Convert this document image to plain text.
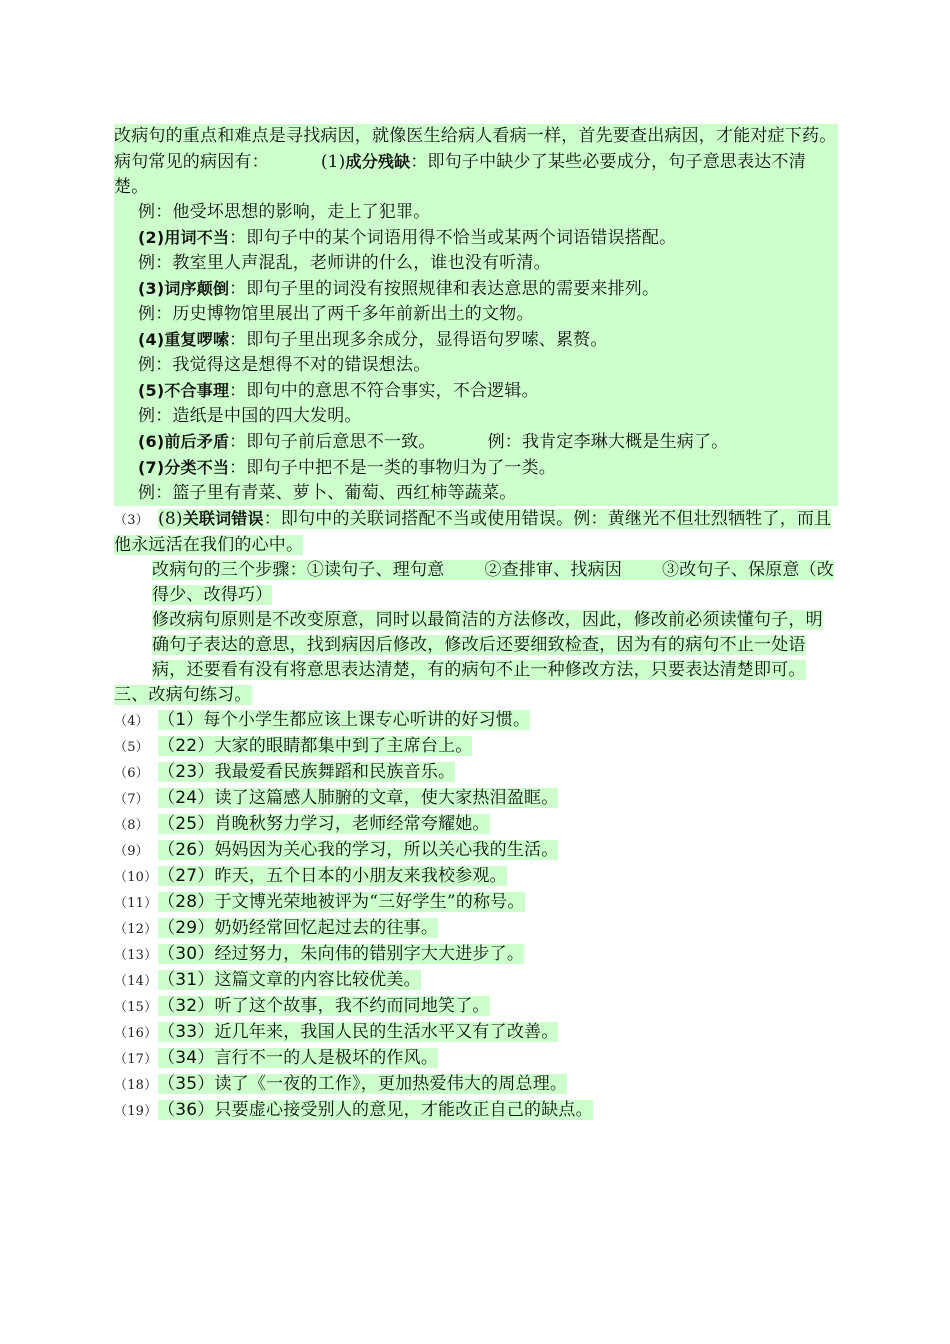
改病句的重点和难点是寻找病因，就像医生给病人看病一样，首先要查出病因，才能对症下药。病句常见的病因有：	(1)成分残缺：即句子中缺少了某些必要成分，句子意思表达不清楚。

例：他受坏思想的影响，走上了犯罪。

(2)用词不当：即句子中的某个词语用得不恰当或某两个词语错误搭配。

例：教室里人声混乱，老师讲的什么，谁也没有听清。

(3)词序颠倒：即句子里的词没有按照规律和表达意思的需要来排列。

例：历史博物馆里展出了两千多年前新出土的文物。

(4)重复啰嗦：即句子里出现多余成分，显得语句罗嗦、累赘。

例：我觉得这是想得不对的错误想法。

(5)不合事理：即句中的意思不符合事实，不合逻辑。

例：造纸是中国的四大发明。

(6)前后矛盾：即句子前后意思不一致。	例：我肯定李琳大概是生病了。

(7)分类不当：即句子中把不是一类的事物归为了一类。

例：篮子里有青菜、萝卜、葡萄、西红柿等蔬菜。

（3） (8)关联词错误：即句中的关联词搭配不当或使用错误。例：黄继光不但壮烈牺牲了，而且他永远活在我们的心中。

改病句的三个步骤：①读句子、理句意 ②查排审、找病因 ③改句子、保原意（改得少、改得巧）

修改病句原则是不改变原意，同时以最简洁的方法修改，因此，修改前必须读懂句子，明确句子表达的意思，找到病因后修改，修改后还要细致检查，因为有的病句不止一处语病，还要看有没有将意思表达清楚，有的病句不止一种修改方法，只要表达清楚即可。

三、改病句练习。

（4） （1）每个小学生都应该上课专心听讲的好习惯。

（5） （22）大家的眼睛都集中到了主席台上。

（6） （23）我最爱看民族舞蹈和民族音乐。

（7） （24）读了这篇感人肺腑的文章，使大家热泪盈眶。

（8） （25）肖晚秋努力学习，老师经常夸耀她。

（9） （26）妈妈因为关心我的学习，所以关心我的生活。

（10）（27）昨天，五个日本的小朋友来我校参观。

（11）（28）于文博光荣地被评为“三好学生”的称号。

（12）（29）奶奶经常回忆起过去的往事。

（13）（30）经过努力，朱向伟的错别字大大进步了。

（14）（31）这篇文章的内容比较优美。

（15）（32）听了这个故事，我不约而同地笑了。

（16）（33）近几年来，我国人民的生活水平又有了改善。

（17）（34）言行不一的人是极坏的作风。

（18）（35）读了《一夜的工作》，更加热爱伟大的周总理。

（19）（36）只要虚心接受别人的意见，才能改正自己的缺点。
